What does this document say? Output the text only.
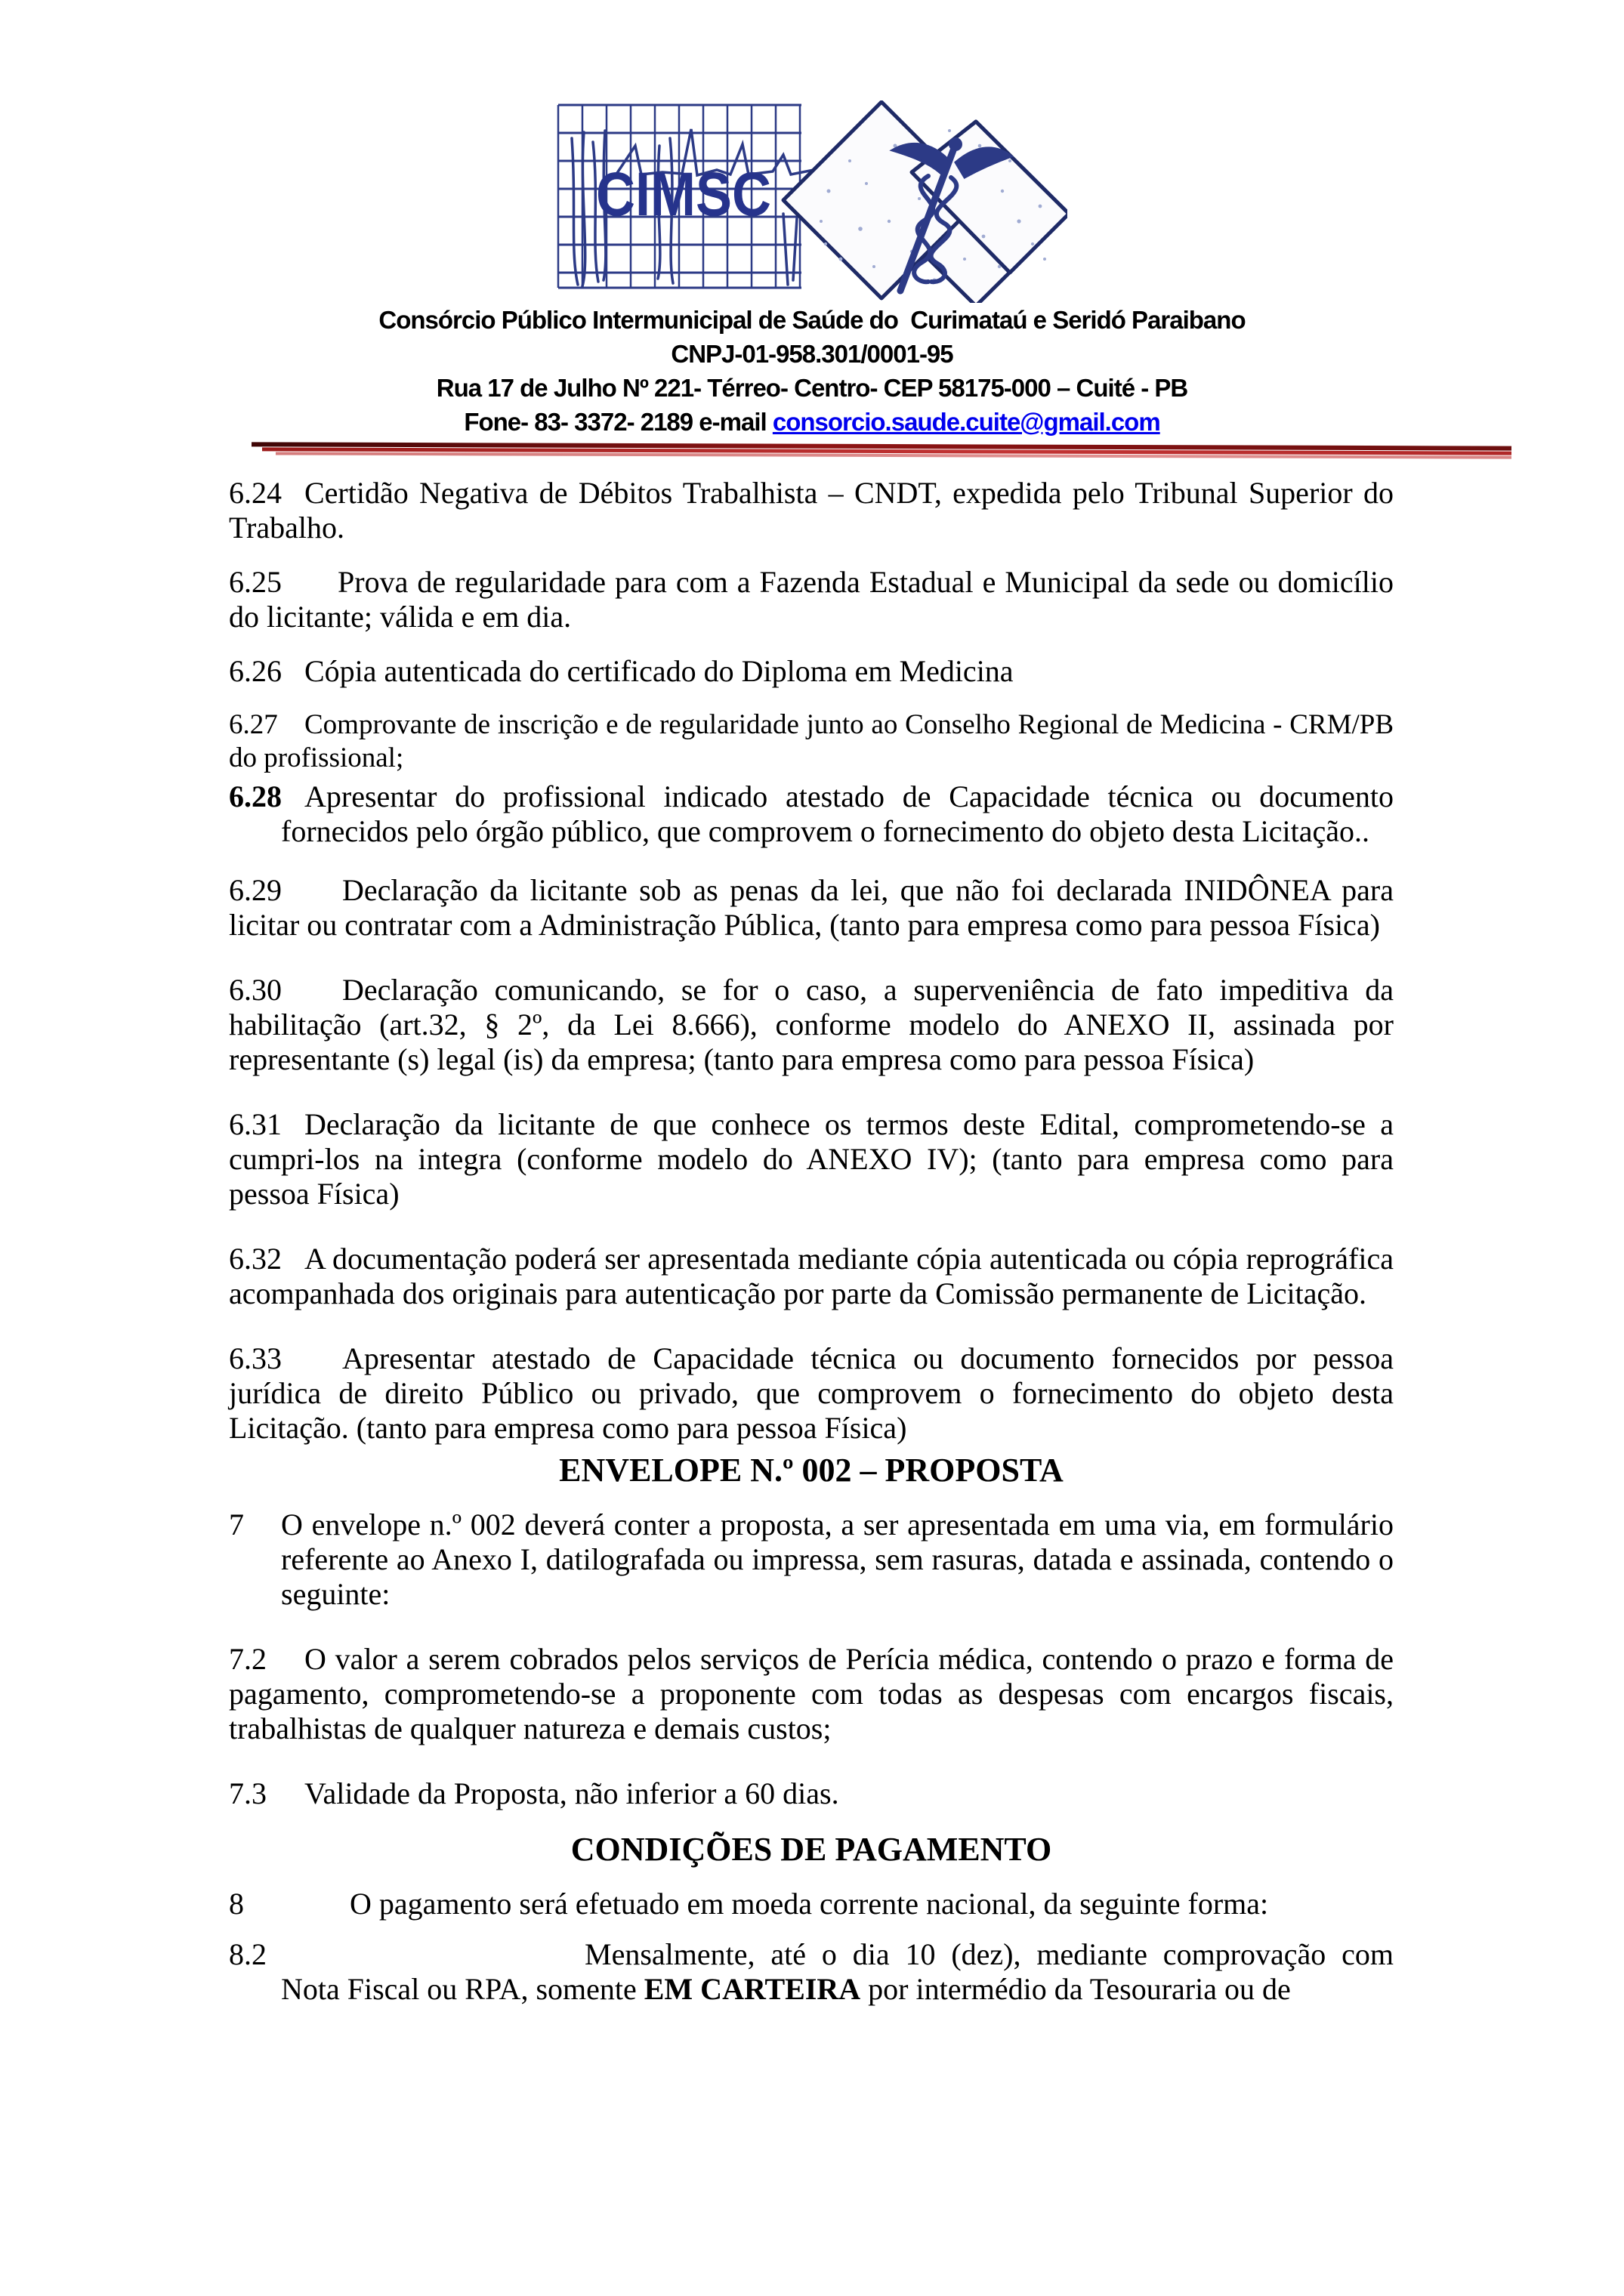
CIMSC
Consórcio Público Intermunicipal de Saúde do  Curimataú e Seridó Paraibano
CNPJ-01-958.301/0001-95
Rua 17 de Julho Nº 221- Térreo- Centro- CEP 58175-000 – Cuité - PB
Fone- 83- 3372- 2189 e-mail consorcio.saude.cuite@gmail.com
6.24 Certidão Negativa de Débitos Trabalhista – CNDT, expedida pelo Tribunal Superior do Trabalho.
6.25 Prova de regularidade para com a Fazenda Estadual e Municipal da sede ou domicílio do licitante; válida e em dia.
6.26 Cópia autenticada do certificado do Diploma em Medicina
6.27 Comprovante de inscrição e de regularidade junto ao Conselho Regional de Medicina - CRM/PB do profissional;
6.28 Apresentar do profissional indicado atestado de Capacidade técnica ou documento fornecidos pelo órgão público, que comprovem o fornecimento do objeto desta Licitação..
6.29 Declaração da licitante sob as penas da lei, que não foi declarada INIDÔNEA para licitar ou contratar com a Administração Pública, (tanto para empresa como para pessoa Física)
6.30 Declaração comunicando, se for o caso, a superveniência de fato impeditiva da habilitação (art.32, § 2º, da Lei 8.666), conforme modelo do ANEXO II, assinada por representante (s) legal (is) da empresa; (tanto para empresa como para pessoa Física)
6.31 Declaração da licitante de que conhece os termos deste Edital, comprometendo-se a cumpri-los na integra (conforme modelo do ANEXO IV); (tanto para empresa como para pessoa Física)
6.32 A documentação poderá ser apresentada mediante cópia autenticada ou cópia reprográfica acompanhada dos originais para autenticação por parte da Comissão permanente de Licitação.
6.33 Apresentar atestado de Capacidade técnica ou documento fornecidos por pessoa jurídica de direito Público ou privado, que comprovem o fornecimento do objeto desta Licitação. (tanto para empresa como para pessoa Física)
ENVELOPE N.º 002 – PROPOSTA
7 O envelope n.º 002 deverá conter a proposta, a ser apresentada em uma via, em formulário referente ao Anexo I, datilografada ou impressa, sem rasuras, datada e assinada, contendo o seguinte:
7.2 O valor a serem cobrados pelos serviços de Perícia médica, contendo o prazo e forma de pagamento, comprometendo-se a proponente com todas as despesas com encargos fiscais, trabalhistas de qualquer natureza e demais custos;
7.3 Validade da Proposta, não inferior a 60 dias.
CONDIÇÕES DE PAGAMENTO
8	O pagamento será efetuado em moeda corrente nacional, da seguinte forma:
8.2	Mensalmente, até o dia 10 (dez), mediante comprovação com Nota Fiscal ou RPA, somente EM CARTEIRA por intermédio da Tesouraria ou de
